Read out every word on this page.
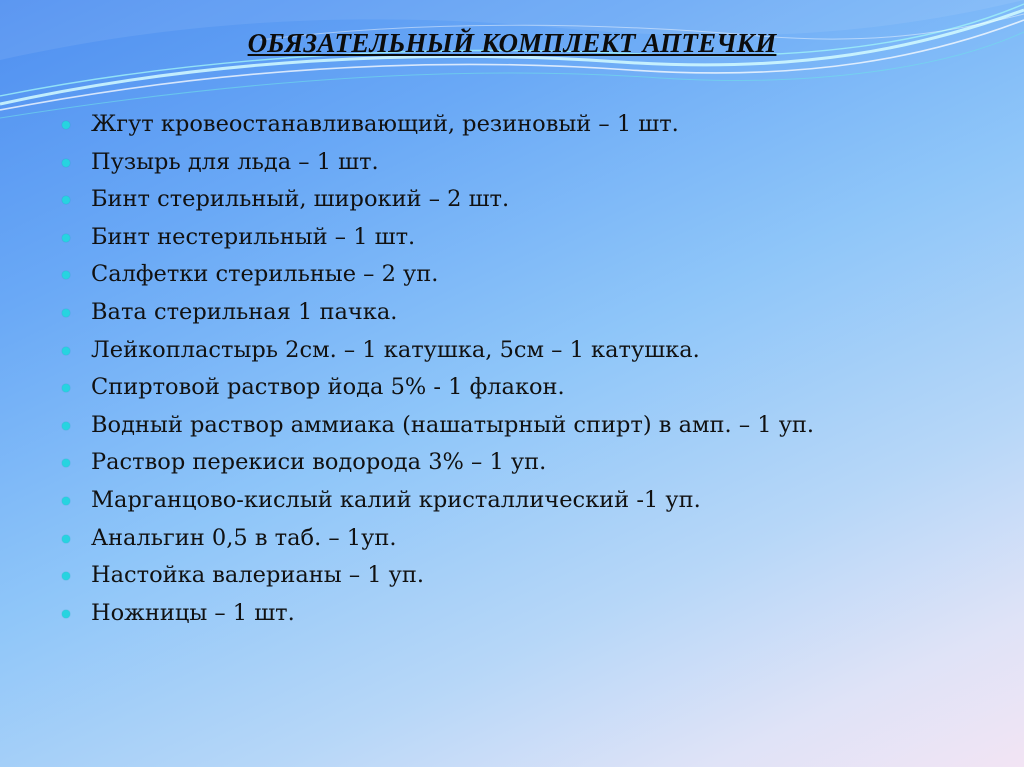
ОБЯЗАТЕЛЬНЫЙ КОМПЛЕКТ АПТЕЧКИ
Жгут кровеостанавливающий, резиновый – 1 шт.
Пузырь для льда – 1 шт.
Бинт стерильный, широкий – 2 шт.
Бинт нестерильный – 1 шт.
Салфетки стерильные – 2 уп.
Вата стерильная 1 пачка.
Лейкопластырь 2см. – 1 катушка, 5см – 1 катушка.
Спиртовой раствор йода 5% - 1 флакон.
Водный раствор аммиака (нашатырный спирт) в амп. – 1 уп.
Раствор перекиси водорода 3% – 1 уп.
Марганцово-кислый калий кристаллический -1 уп.
Анальгин 0,5 в таб. – 1уп.
Настойка валерианы – 1 уп.
Ножницы – 1 шт.
